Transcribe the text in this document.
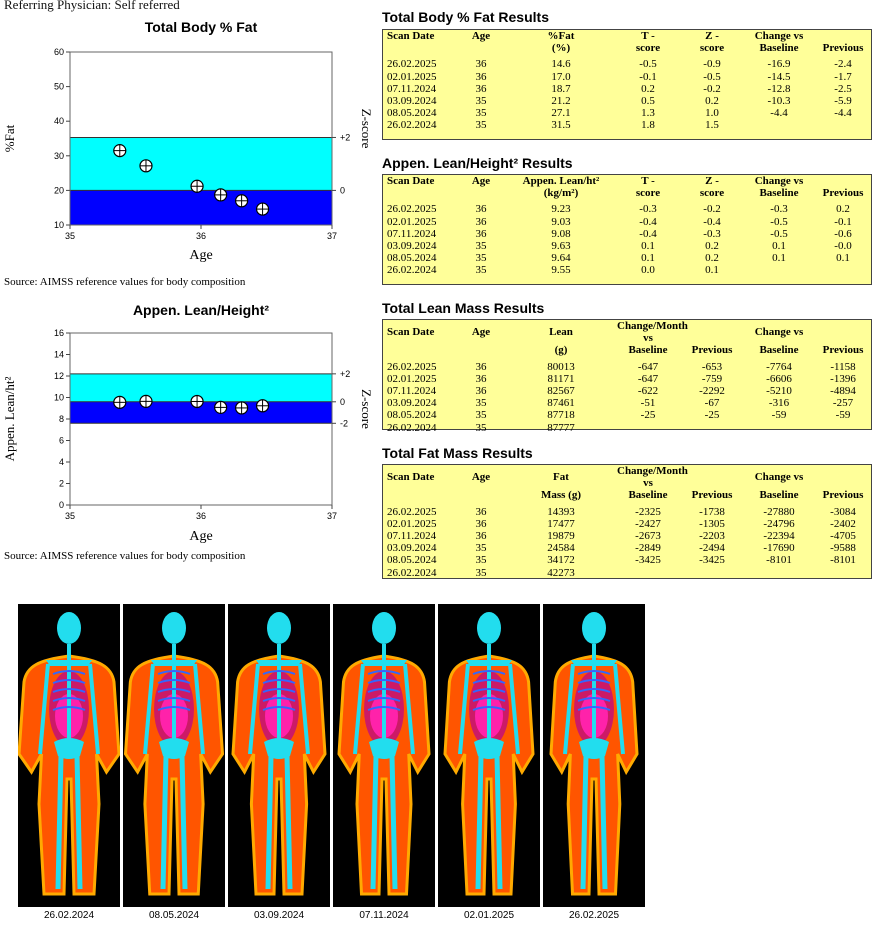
Referring Physician: Self referred
Total Body % Fat
10
20
30
40
50
60
35	36	37
+2
0
Age
%Fat	Z-score
Source: AIMSS reference values for body composition
Appen. Lean/Height²
0
2
4
6
8
10
12
14
16
35	36	37
+2
0
-2
Age
Appen. Lean/ht²	Z-score
Source: AIMSS reference values for body composition
Total Body % Fat Results
Scan Date	Age	%Fat	T -	Z -	Change vs	
		(%)	score	score	Baseline	Previous

26.02.2025	36	14.6	-0.5	-0.9	-16.9	-2.4
02.01.2025	36	17.0	-0.1	-0.5	-14.5	-1.7
07.11.2024	36	18.7	0.2	-0.2	-12.8	-2.5
03.09.2024	35	21.2	0.5	0.2	-10.3	-5.9
08.05.2024	35	27.1	1.3	1.0	-4.4	-4.4
26.02.2024	35	31.5	1.8	1.5		
Appen. Lean/Height² Results
Scan Date	Age	Appen. Lean/ht²	T -	Z -	Change vs	
		(kg/m²)	score	score	Baseline	Previous

26.02.2025	36	9.23	-0.3	-0.2	-0.3	0.2
02.01.2025	36	9.03	-0.4	-0.4	-0.5	-0.1
07.11.2024	36	9.08	-0.4	-0.3	-0.5	-0.6
03.09.2024	35	9.63	0.1	0.2	0.1	-0.0
08.05.2024	35	9.64	0.1	0.2	0.1	0.1
26.02.2024	35	9.55	0.0	0.1		
Total Lean Mass Results
Scan Date	Age	Lean	Change/Month vs		Change vs	
		(g)	Baseline	Previous	Baseline	Previous

26.02.2025	36	80013	-647	-653	-7764	-1158
02.01.2025	36	81171	-647	-759	-6606	-1396
07.11.2024	36	82567	-622	-2292	-5210	-4894
03.09.2024	35	87461	-51	-67	-316	-257
08.05.2024	35	87718	-25	-25	-59	-59
26.02.2024	35	87777				
Total Fat Mass Results
Scan Date	Age	Fat	Change/Month vs		Change vs	
		Mass (g)	Baseline	Previous	Baseline	Previous

26.02.2025	36	14393	-2325	-1738	-27880	-3084
02.01.2025	36	17477	-2427	-1305	-24796	-2402
07.11.2024	36	19879	-2673	-2203	-22394	-4705
03.09.2024	35	24584	-2849	-2494	-17690	-9588
08.05.2024	35	34172	-3425	-3425	-8101	-8101
26.02.2024	35	42273				
26.02.2024	08.05.2024	03.09.2024	07.11.2024	02.01.2025	26.02.2025
